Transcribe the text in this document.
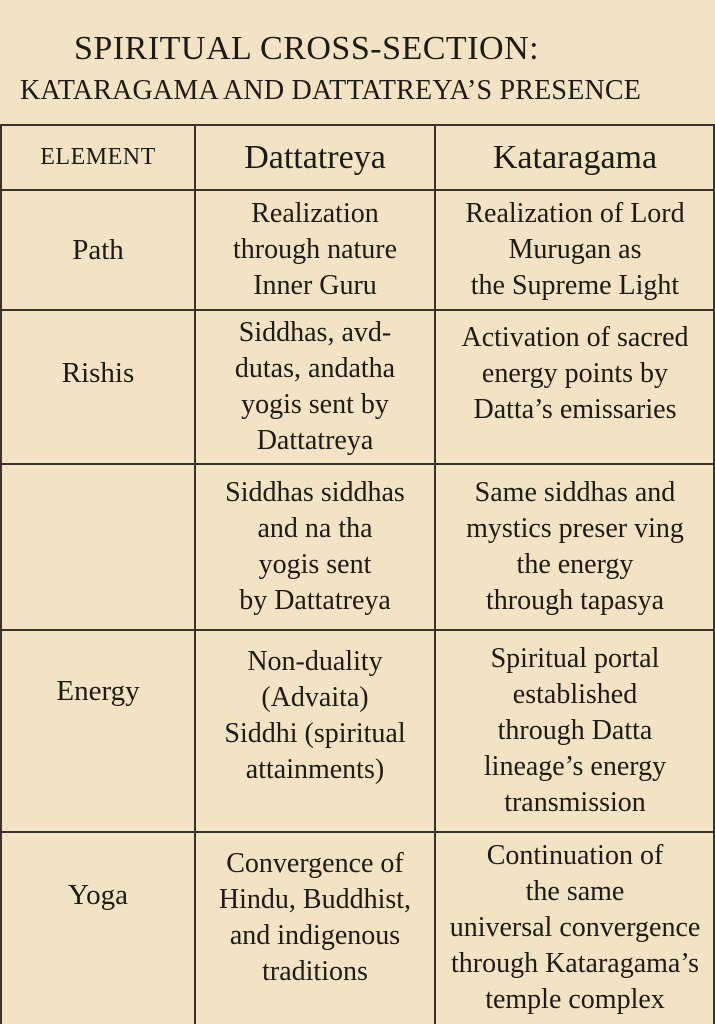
SPIRITUAL CROSS-SECTION:
KATARAGAMA AND DATTATREYA’S PRESENCE
ELEMENT	Dattatreya	Kataragama
Path
Realization
through nature
Inner Guru
Realization of Lord
Murugan as
the Supreme Light
Rishis
Siddhas, avd-
dutas, andatha
yogis sent by
Dattatreya
Activation of sacred
energy points by
Datta’s emissaries
Siddhas siddhas
and na tha
yogis sent
by Dattatreya
Same siddhas and
mystics preser ving
the energy
through tapasya
Energy
Non-duality
(Advaita)
Siddhi (spiritual
attainments)
Spiritual portal
established
through Datta
lineage’s energy
transmission
Yoga
Convergence of
Hindu, Buddhist,
and indigenous
traditions
Continuation of
the same
universal convergence
through Kataragama’s
temple complex
